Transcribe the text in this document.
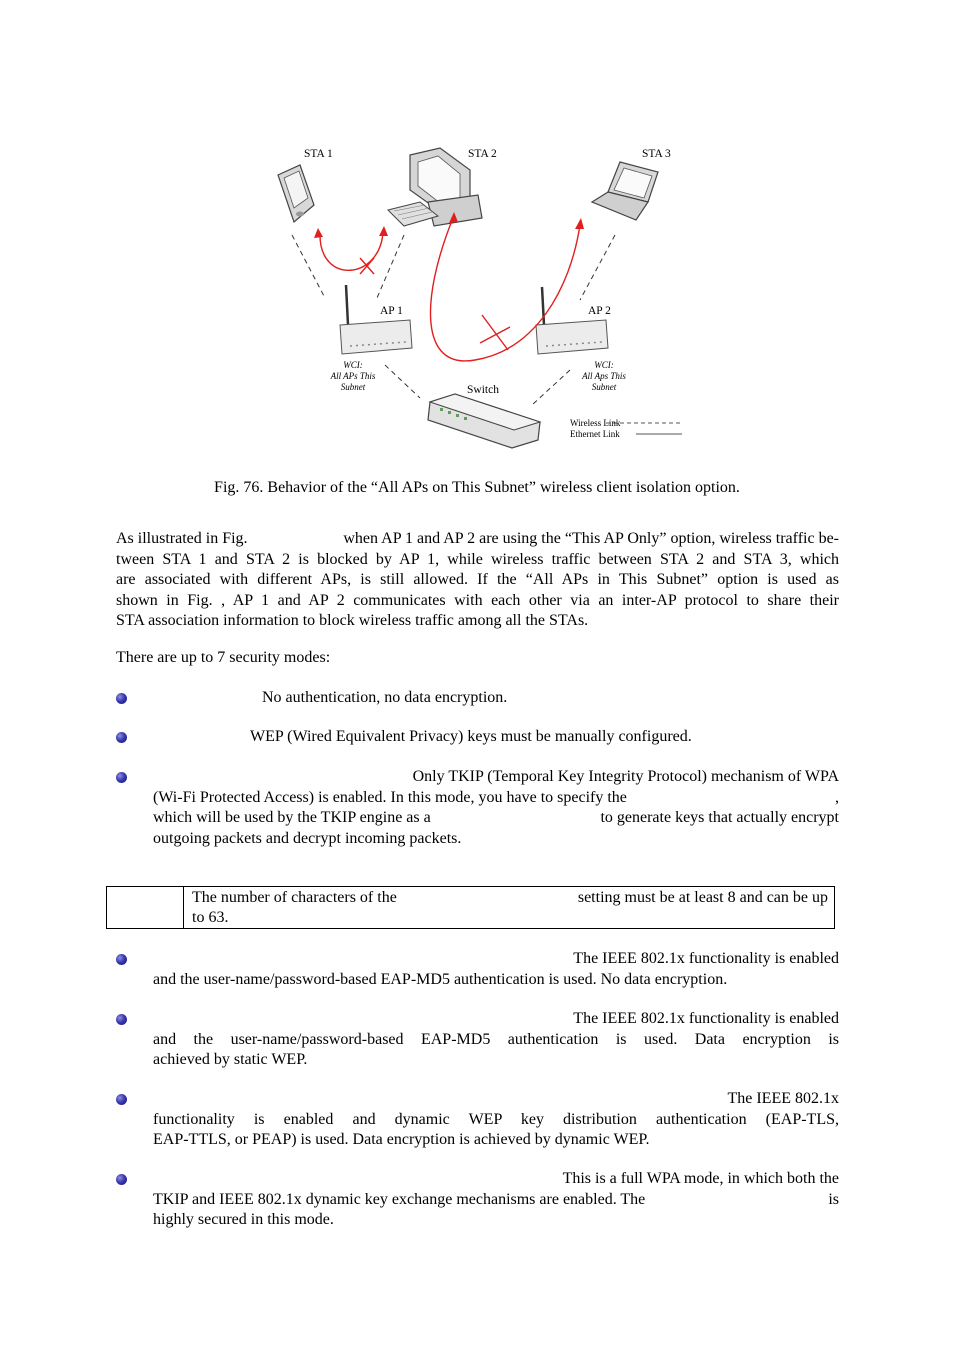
STA 1	STA 2	STA 3
AP 1	AP 2
Switch
WCI:
All APs This
Subnet
WCI:
All Aps This
Subnet
Wireless Link
Ethernet Link
Fig. 76. Behavior of the “All APs on This Subnet” wireless client isolation option.
As illustrated in Fig.	when AP 1 and AP 2 are using the “This AP Only” option, wireless traffic be-
tween STA 1 and STA 2 is blocked by AP 1, while wireless traffic between STA 2 and STA 3, which
are associated with different APs, is still allowed. If the “All APs in This Subnet” option is used as
shown in Fig. , AP 1 and AP 2 communicates with each other via an inter-AP protocol to share their
STA association information to block wireless traffic among all the STAs.
There are up to 7 security modes:
No authentication, no data encryption.
WEP (Wired Equivalent Privacy) keys must be manually configured.
Only TKIP (Temporal Key Integrity Protocol) mechanism of WPA
(Wi-Fi Protected Access) is enabled. In this mode, you have to specify the	,
which will be used by the TKIP engine as a	to generate keys that actually encrypt
outgoing packets and decrypt incoming packets.
The number of characters of the	setting must be at least 8 and can be up
to 63.
The IEEE 802.1x functionality is enabled
and the user-name/password-based EAP-MD5 authentication is used. No data encryption.
The IEEE 802.1x functionality is enabled
and the user-name/password-based EAP-MD5 authentication is used. Data encryption is
achieved by static WEP.
The IEEE 802.1x
functionality is enabled and dynamic WEP key distribution authentication (EAP-TLS,
EAP-TTLS, or PEAP) is used. Data encryption is achieved by dynamic WEP.
This is a full WPA mode, in which both the
TKIP and IEEE 802.1x dynamic key exchange mechanisms are enabled. The	is
highly secured in this mode.
